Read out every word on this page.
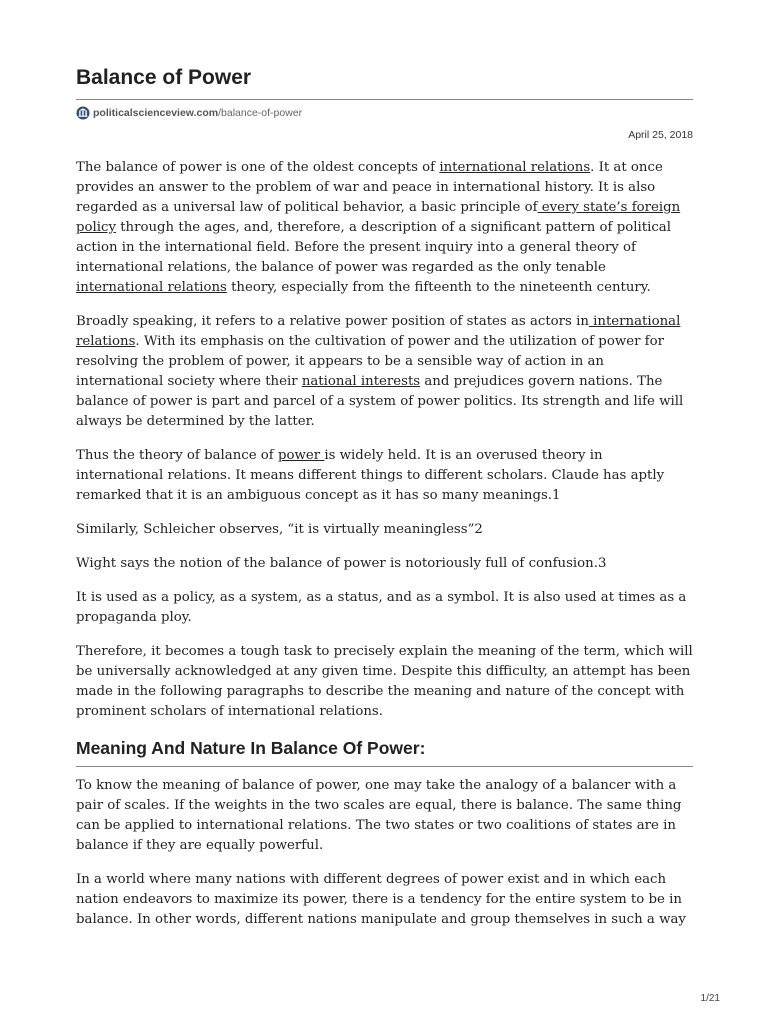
Balance of Power
politicalscienceview.com/balance-of-power
April 25, 2018

The balance of power is one of the oldest concepts of international relations. It at once provides an answer to the problem of war and peace in international history. It is also regarded as a universal law of political behavior, a basic principle of every state’s foreign policy through the ages, and, therefore, a description of a significant pattern of political action in the international field. Before the present inquiry into a general theory of international relations, the balance of power was regarded as the only tenable international relations theory, especially from the fifteenth to the nineteenth century.

Broadly speaking, it refers to a relative power position of states as actors in international relations. With its emphasis on the cultivation of power and the utilization of power for resolving the problem of power, it appears to be a sensible way of action in an international society where their national interests and prejudices govern nations. The balance of power is part and parcel of a system of power politics. Its strength and life will always be determined by the latter.

Thus the theory of balance of power is widely held. It is an overused theory in international relations. It means different things to different scholars. Claude has aptly remarked that it is an ambiguous concept as it has so many meanings.1

Similarly, Schleicher observes, “it is virtually meaningless”2

Wight says the notion of the balance of power is notoriously full of confusion.3

It is used as a policy, as a system, as a status, and as a symbol. It is also used at times as a propaganda ploy.

Therefore, it becomes a tough task to precisely explain the meaning of the term, which will be universally acknowledged at any given time. Despite this difficulty, an attempt has been made in the following paragraphs to describe the meaning and nature of the concept with prominent scholars of international relations.

Meaning And Nature In Balance Of Power:

To know the meaning of balance of power, one may take the analogy of a balancer with a pair of scales. If the weights in the two scales are equal, there is balance. The same thing can be applied to international relations. The two states or two coalitions of states are in balance if they are equally powerful.

In a world where many nations with different degrees of power exist and in which each nation endeavors to maximize its power, there is a tendency for the entire system to be in balance. In other words, different nations manipulate and group themselves in such a way

1/21
